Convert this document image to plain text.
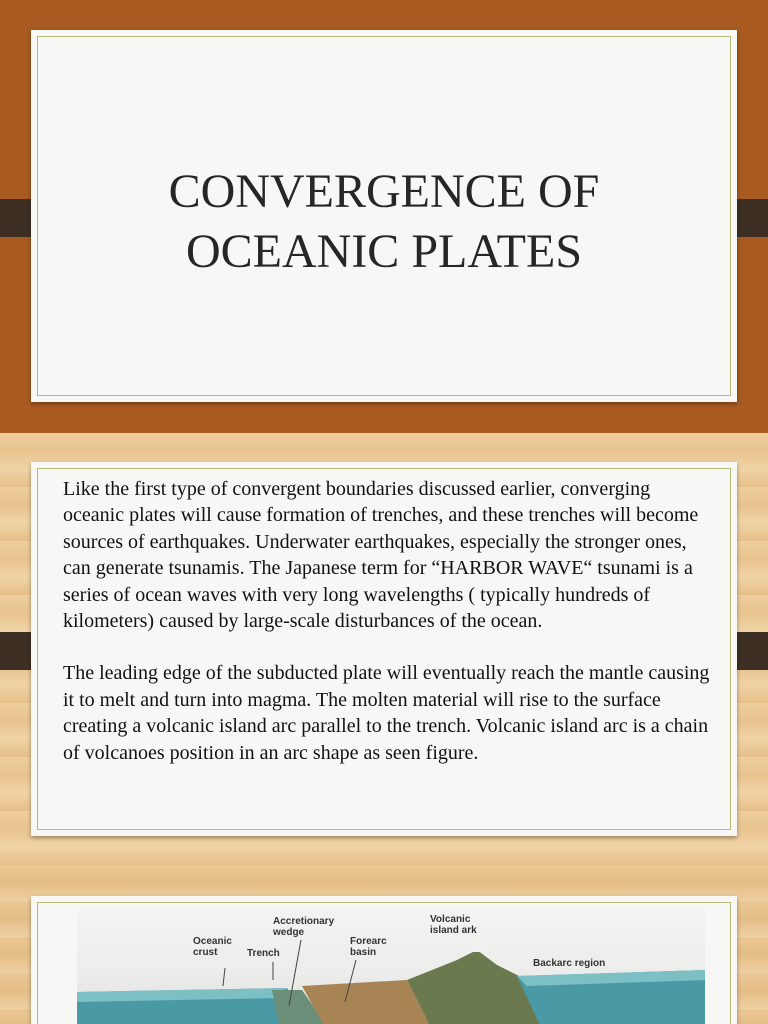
CONVERGENCE OF
OCEANIC PLATES

Like the first type of convergent boundaries discussed earlier, converging oceanic plates will cause formation of trenches, and these trenches will become sources of earthquakes. Underwater earthquakes, especially the stronger ones, can generate tsunamis. The Japanese term for “HARBOR WAVE“ tsunami is a series of ocean waves with very long wavelengths ( typically hundreds of kilometers) caused by large-scale disturbances of the ocean.

The leading edge of the subducted plate will eventually reach the mantle causing it to melt and turn into magma. The molten material will rise to the surface creating a volcanic island arc parallel to the trench. Volcanic island arc is a chain of volcanoes position in an arc shape as seen figure.

Oceanic crust	Trench
Accretionary wedge
Forearc basin
Volcanic island ark
Backarc region
